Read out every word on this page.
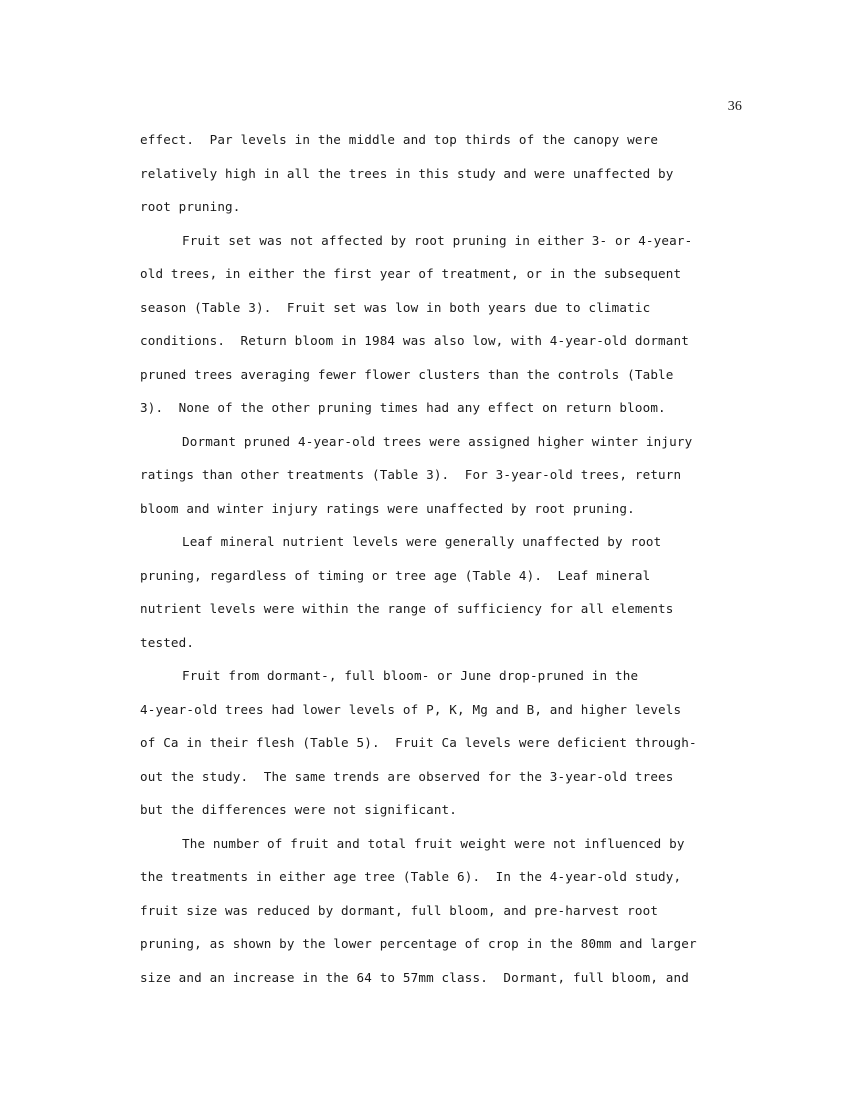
36
effect.  Par levels in the middle and top thirds of the canopy were
relatively high in all the trees in this study and were unaffected by
root pruning.
Fruit set was not affected by root pruning in either 3- or 4-year-
old trees, in either the first year of treatment, or in the subsequent
season (Table 3).  Fruit set was low in both years due to climatic
conditions.  Return bloom in 1984 was also low, with 4-year-old dormant
pruned trees averaging fewer flower clusters than the controls (Table
3).  None of the other pruning times had any effect on return bloom.
Dormant pruned 4-year-old trees were assigned higher winter injury
ratings than other treatments (Table 3).  For 3-year-old trees, return
bloom and winter injury ratings were unaffected by root pruning.
Leaf mineral nutrient levels were generally unaffected by root
pruning, regardless of timing or tree age (Table 4).  Leaf mineral
nutrient levels were within the range of sufficiency for all elements
tested.
Fruit from dormant-, full bloom- or June drop-pruned in the
4-year-old trees had lower levels of P, K, Mg and B, and higher levels
of Ca in their flesh (Table 5).  Fruit Ca levels were deficient through-
out the study.  The same trends are observed for the 3-year-old trees
but the differences were not significant.
The number of fruit and total fruit weight were not influenced by
the treatments in either age tree (Table 6).  In the 4-year-old study,
fruit size was reduced by dormant, full bloom, and pre-harvest root
pruning, as shown by the lower percentage of crop in the 80mm and larger
size and an increase in the 64 to 57mm class.  Dormant, full bloom, and
